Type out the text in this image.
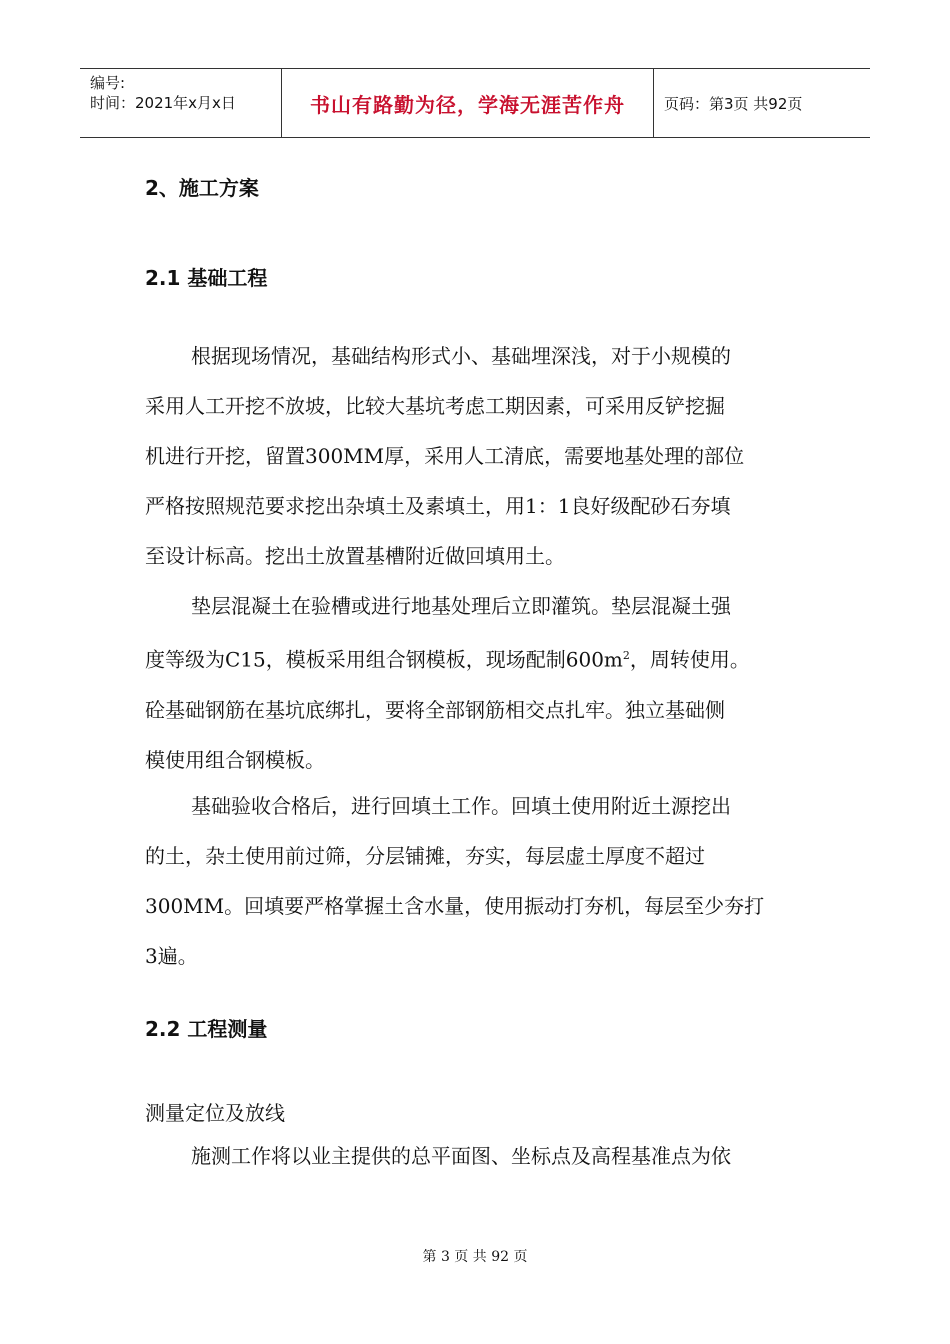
编号:
时间：2021年x月x日	书山有路勤为径，学海无涯苦作舟	页码：第3页 共92页
2、施工方案
2.1 基础工程
根据现场情况，基础结构形式小、基础埋深浅，对于小规模的
采用人工开挖不放坡，比较大基坑考虑工期因素，可采用反铲挖掘
机进行开挖，留置300MM厚，采用人工清底，需要地基处理的部位
严格按照规范要求挖出杂填土及素填土，用1：1良好级配砂石夯填
至设计标高。挖出土放置基槽附近做回填用土。
垫层混凝土在验槽或进行地基处理后立即灌筑。垫层混凝土强
度等级为C15，模板采用组合钢模板，现场配制$600m^2$，周转使用。
砼基础钢筋在基坑底绑扎，要将全部钢筋相交点扎牢。独立基础侧
模使用组合钢模板。
基础验收合格后，进行回填土工作。回填土使用附近土源挖出
的土，杂土使用前过筛，分层铺摊，夯实，每层虚土厚度不超过
300MM。回填要严格掌握土含水量，使用振动打夯机，每层至少夯打
3遍。
2.2 工程测量
测量定位及放线
施测工作将以业主提供的总平面图、坐标点及高程基准点为依
第 3 页 共 92 页
